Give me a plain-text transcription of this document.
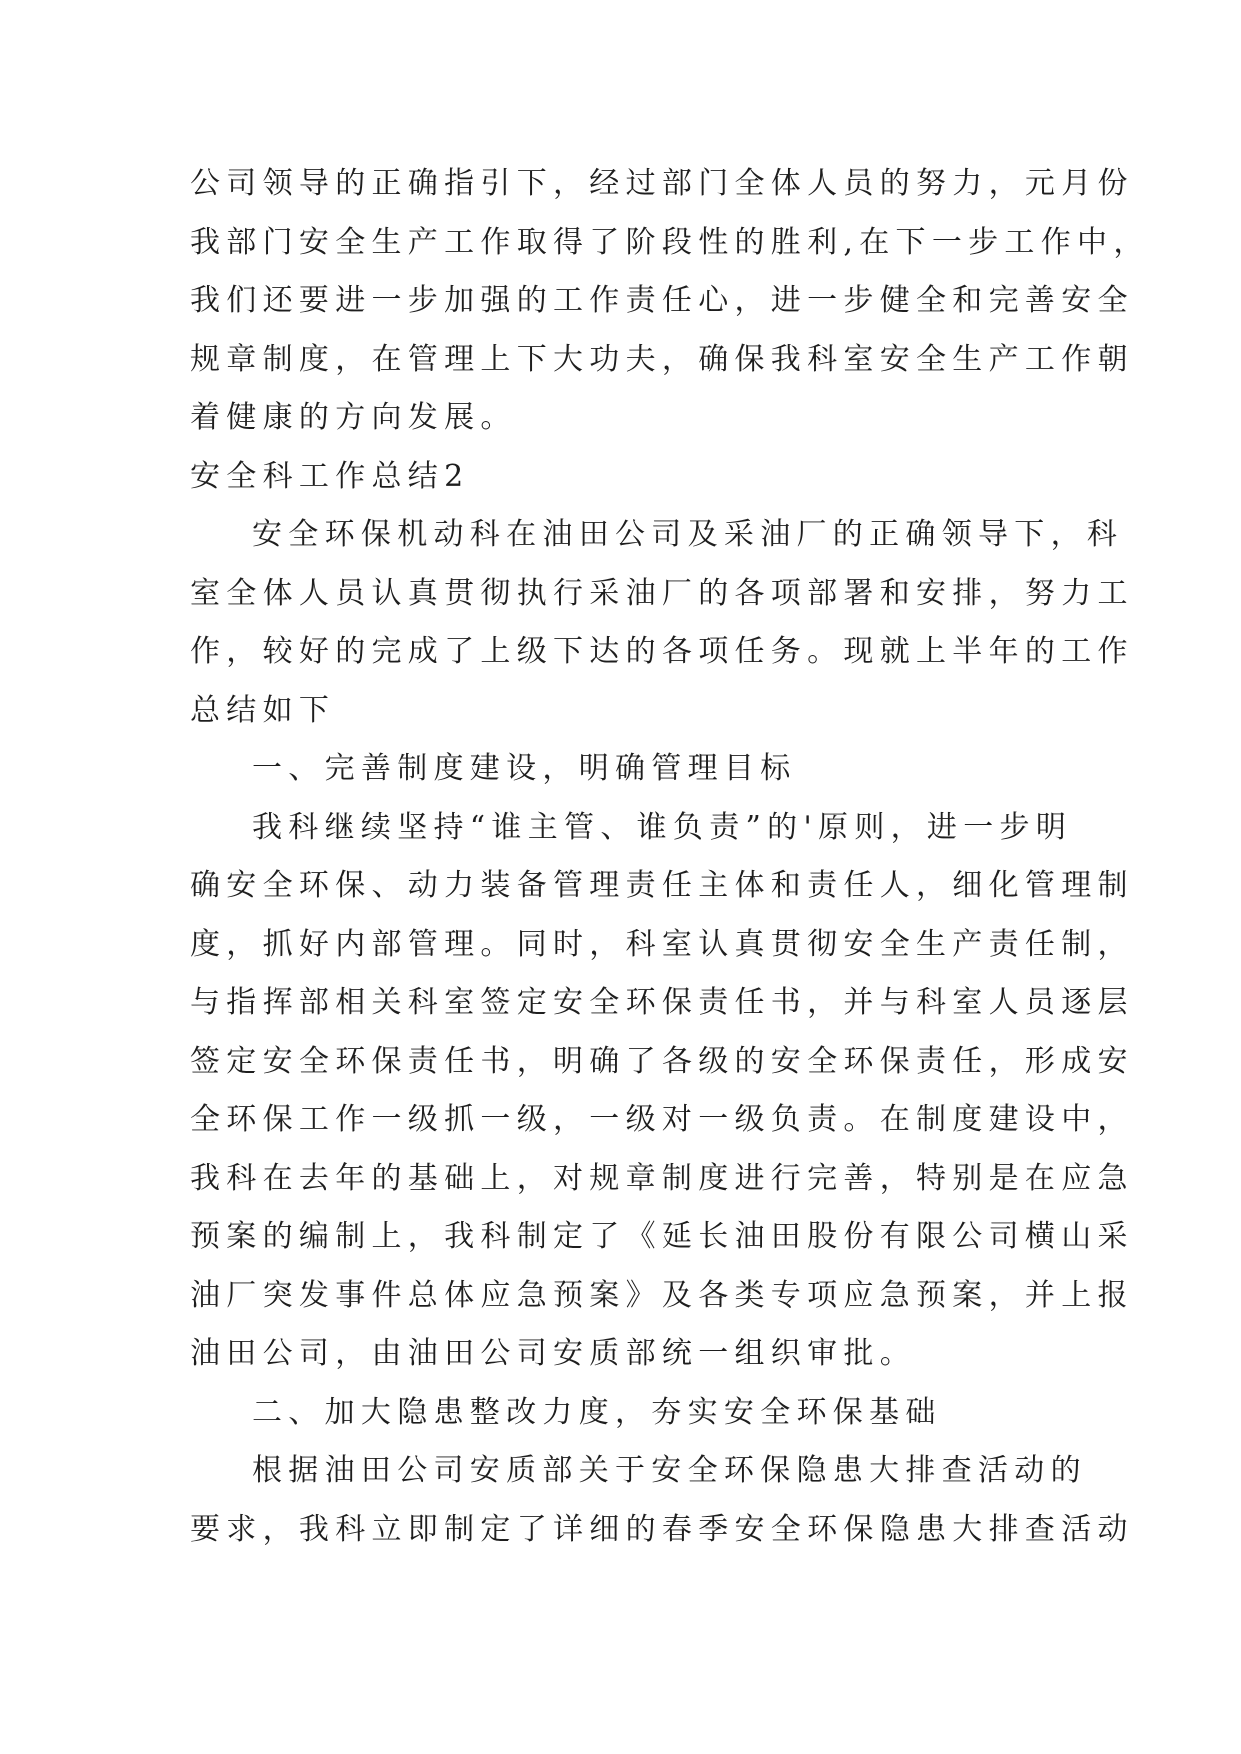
公司领导的正确指引下，经过部门全体人员的努力，元月份
我部门安全生产工作取得了阶段性的胜利,在下一步工作中，
我们还要进一步加强的工作责任心，进一步健全和完善安全
规章制度，在管理上下大功夫，确保我科室安全生产工作朝
着健康的方向发展。
安全科工作总结2
安全环保机动科在油田公司及采油厂的正确领导下，科
室全体人员认真贯彻执行采油厂的各项部署和安排，努力工
作，较好的完成了上级下达的各项任务。现就上半年的工作
总结如下
一、完善制度建设，明确管理目标
我科继续坚持“谁主管、谁负责”的'原则，进一步明
确安全环保、动力装备管理责任主体和责任人，细化管理制
度，抓好内部管理。同时，科室认真贯彻安全生产责任制，
与指挥部相关科室签定安全环保责任书，并与科室人员逐层
签定安全环保责任书，明确了各级的安全环保责任，形成安
全环保工作一级抓一级，一级对一级负责。在制度建设中，
我科在去年的基础上，对规章制度进行完善，特别是在应急
预案的编制上，我科制定了《延长油田股份有限公司横山采
油厂突发事件总体应急预案》及各类专项应急预案，并上报
油田公司，由油田公司安质部统一组织审批。
二、加大隐患整改力度，夯实安全环保基础
根据油田公司安质部关于安全环保隐患大排查活动的
要求，我科立即制定了详细的春季安全环保隐患大排查活动
